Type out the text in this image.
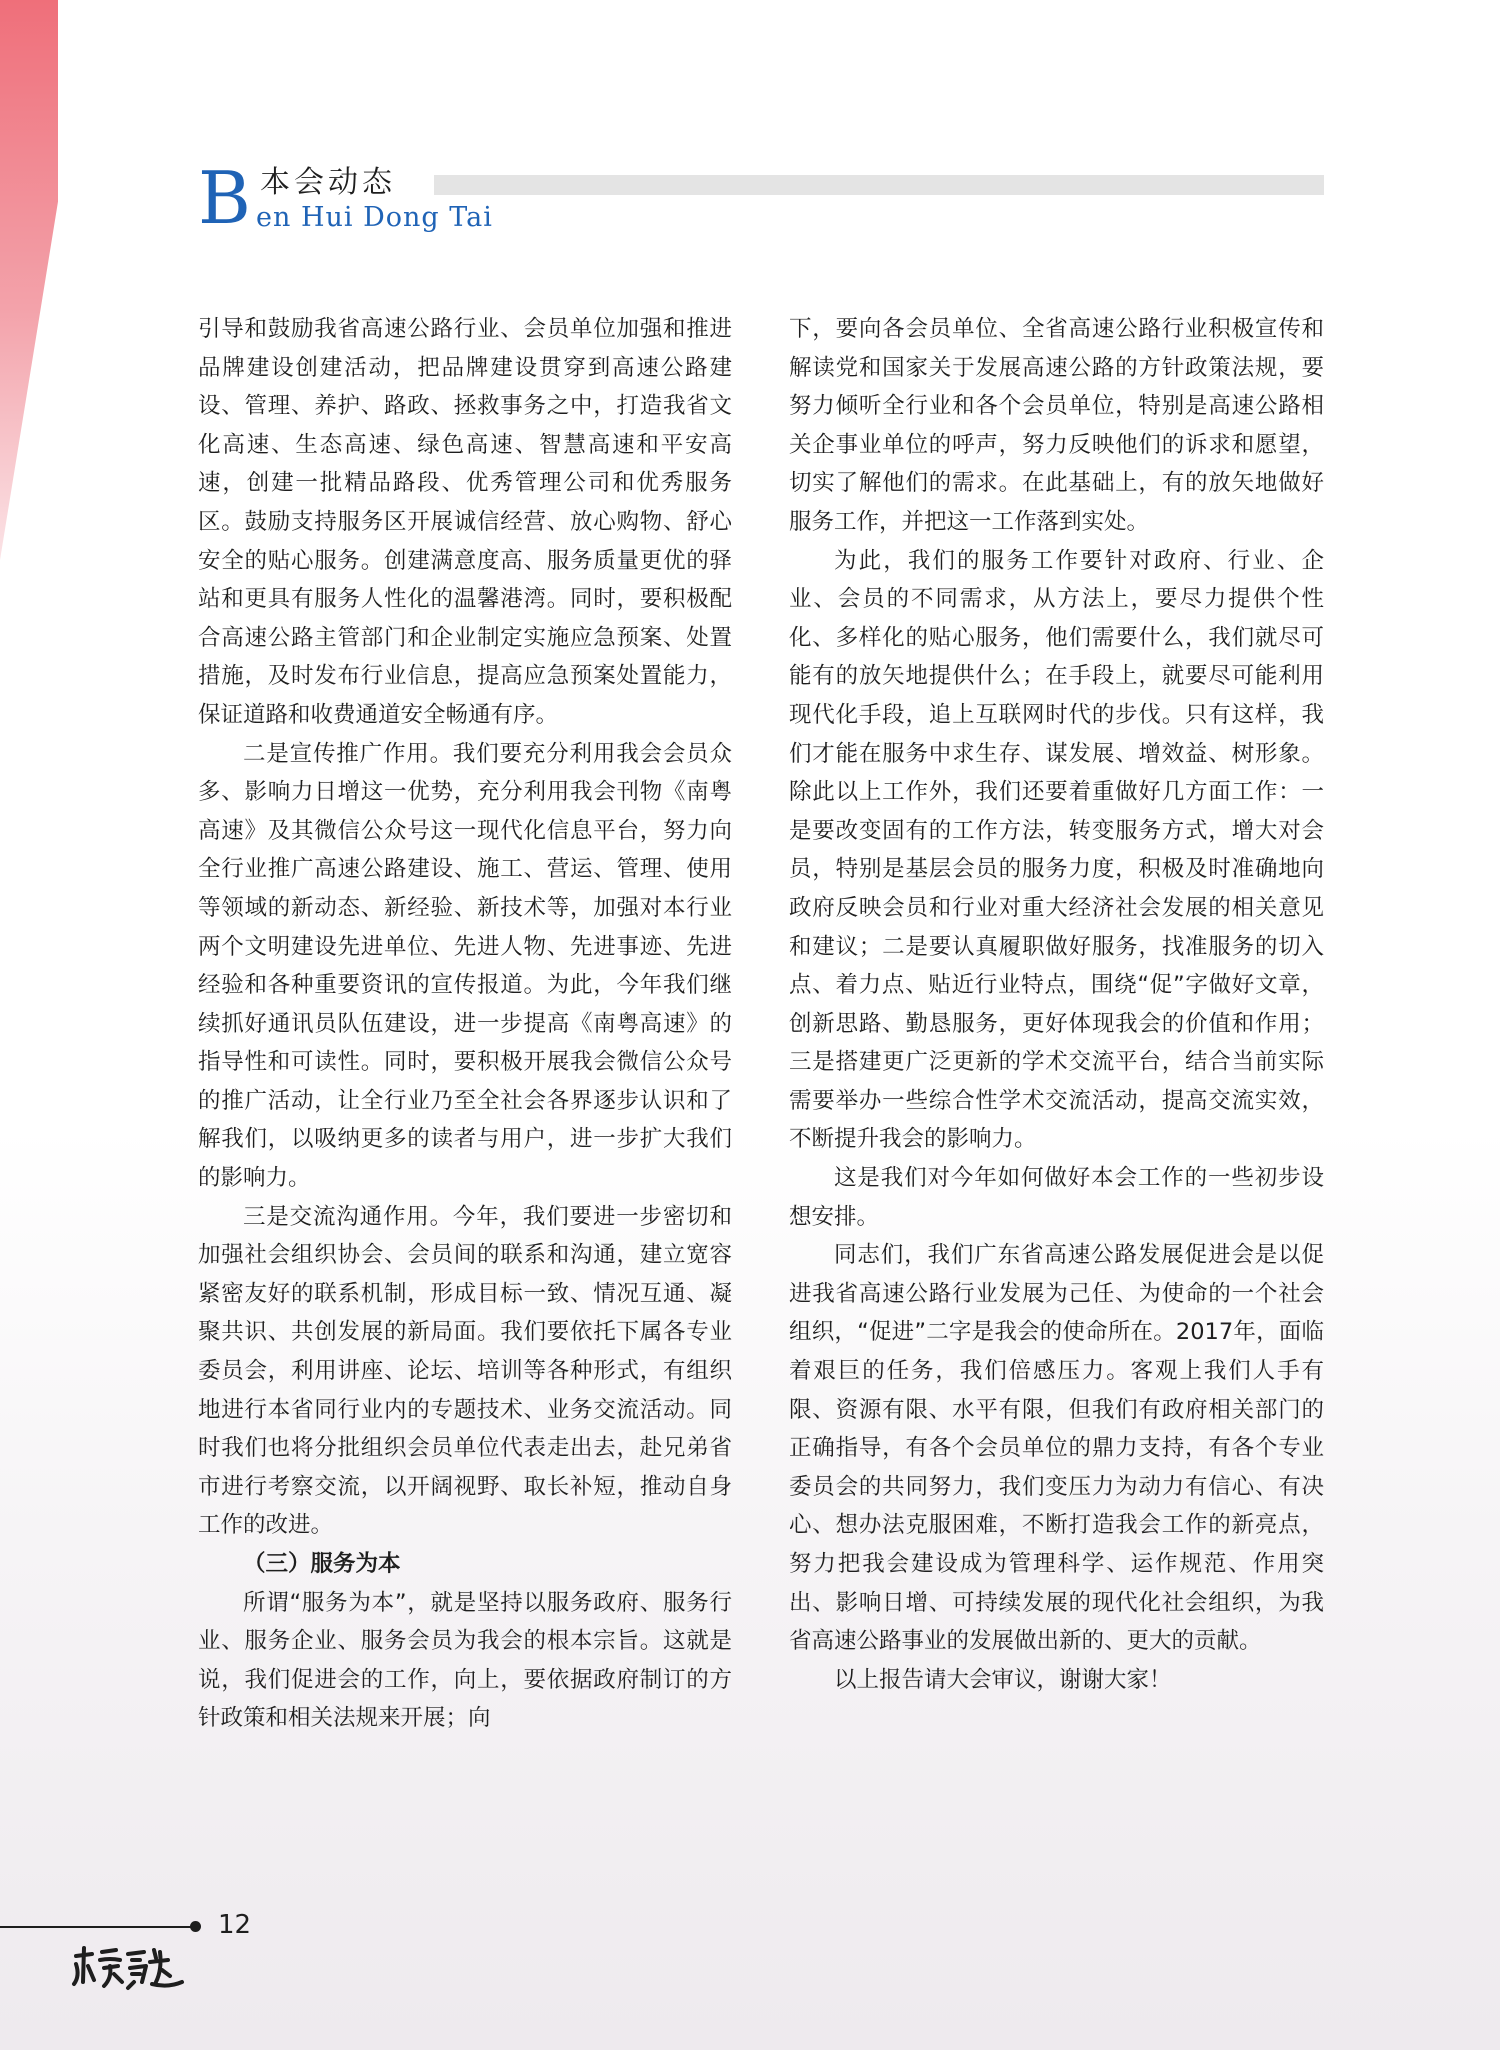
B 本会动态
en Hui Dong Tai

引导和鼓励我省高速公路行业、会员单位加强和推进品牌建设创建活动，把品牌建设贯穿到高速公路建设、管理、养护、路政、拯救事务之中，打造我省文化高速、生态高速、绿色高速、智慧高速和平安高速，创建一批精品路段、优秀管理公司和优秀服务区。鼓励支持服务区开展诚信经营、放心购物、舒心安全的贴心服务。创建满意度高、服务质量更优的驿站和更具有服务人性化的温馨港湾。同时，要积极配合高速公路主管部门和企业制定实施应急预案、处置措施，及时发布行业信息，提高应急预案处置能力，保证道路和收费通道安全畅通有序。

二是宣传推广作用。我们要充分利用我会会员众多、影响力日增这一优势，充分利用我会刊物《南粤高速》及其微信公众号这一现代化信息平台，努力向全行业推广高速公路建设、施工、营运、管理、使用等领域的新动态、新经验、新技术等，加强对本行业两个文明建设先进单位、先进人物、先进事迹、先进经验和各种重要资讯的宣传报道。为此，今年我们继续抓好通讯员队伍建设，进一步提高《南粤高速》的指导性和可读性。同时，要积极开展我会微信公众号的推广活动，让全行业乃至全社会各界逐步认识和了解我们，以吸纳更多的读者与用户，进一步扩大我们的影响力。

三是交流沟通作用。今年，我们要进一步密切和加强社会组织协会、会员间的联系和沟通，建立宽容紧密友好的联系机制，形成目标一致、情况互通、凝聚共识、共创发展的新局面。我们要依托下属各专业委员会，利用讲座、论坛、培训等各种形式，有组织地进行本省同行业内的专题技术、业务交流活动。同时我们也将分批组织会员单位代表走出去，赴兄弟省市进行考察交流，以开阔视野、取长补短，推动自身工作的改进。

（三）服务为本

所谓“服务为本”，就是坚持以服务政府、服务行业、服务企业、服务会员为我会的根本宗旨。这就是说，我们促进会的工作，向上，要依据政府制订的方针政策和相关法规来开展；向

下，要向各会员单位、全省高速公路行业积极宣传和解读党和国家关于发展高速公路的方针政策法规，要努力倾听全行业和各个会员单位，特别是高速公路相关企事业单位的呼声，努力反映他们的诉求和愿望，切实了解他们的需求。在此基础上，有的放矢地做好服务工作，并把这一工作落到实处。

为此，我们的服务工作要针对政府、行业、企业、会员的不同需求，从方法上，要尽力提供个性化、多样化的贴心服务，他们需要什么，我们就尽可能有的放矢地提供什么；在手段上，就要尽可能利用现代化手段，追上互联网时代的步伐。只有这样，我们才能在服务中求生存、谋发展、增效益、树形象。除此以上工作外，我们还要着重做好几方面工作：一是要改变固有的工作方法，转变服务方式，增大对会员，特别是基层会员的服务力度，积极及时准确地向政府反映会员和行业对重大经济社会发展的相关意见和建议；二是要认真履职做好服务，找准服务的切入点、着力点、贴近行业特点，围绕“促”字做好文章，创新思路、勤恳服务，更好体现我会的价值和作用；三是搭建更广泛更新的学术交流平台，结合当前实际需要举办一些综合性学术交流活动，提高交流实效，不断提升我会的影响力。

这是我们对今年如何做好本会工作的一些初步设想安排。

同志们，我们广东省高速公路发展促进会是以促进我省高速公路行业发展为己任、为使命的一个社会组织，“促进”二字是我会的使命所在。2017年，面临着艰巨的任务，我们倍感压力。客观上我们人手有限、资源有限、水平有限，但我们有政府相关部门的正确指导，有各个会员单位的鼎力支持，有各个专业委员会的共同努力，我们变压力为动力有信心、有决心、想办法克服困难，不断打造我会工作的新亮点，努力把我会建设成为管理科学、运作规范、作用突出、影响日增、可持续发展的现代化社会组织，为我省高速公路事业的发展做出新的、更大的贡献。

以上报告请大会审议，谢谢大家！

12
